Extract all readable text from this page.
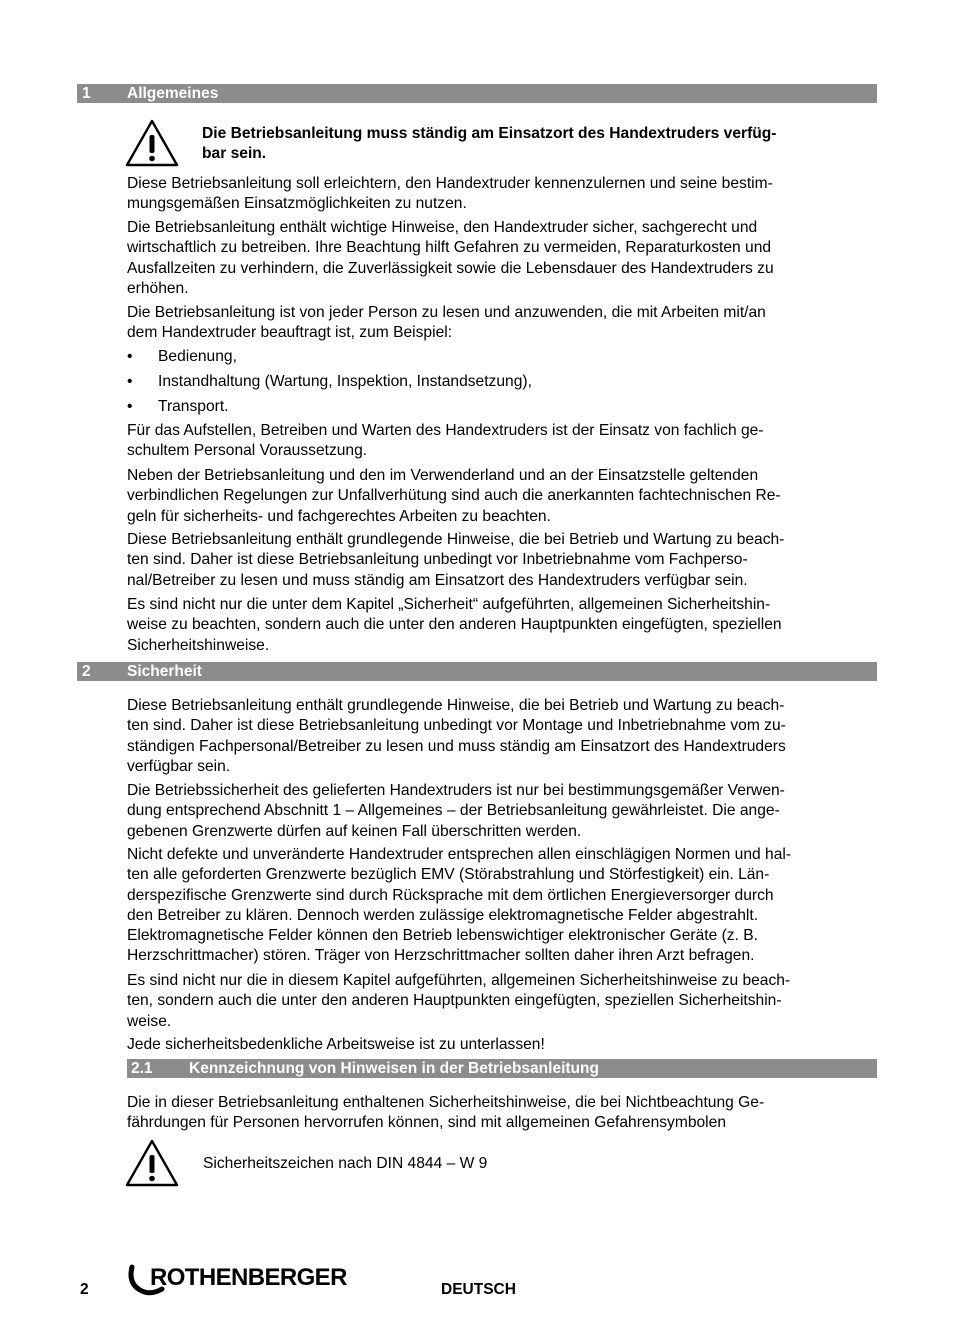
1 Allgemeines

Die Betriebsanleitung muss ständig am Einsatzort des Handextruders verfüg-

bar sein.

Diese Betriebsanleitung soll erleichtern, den Handextruder kennenzulernen und seine bestim-

mungsgemäßen Einsatzmöglichkeiten zu nutzen.

Die Betriebsanleitung enthält wichtige Hinweise, den Handextruder sicher, sachgerecht und

wirtschaftlich zu betreiben. Ihre Beachtung hilft Gefahren zu vermeiden, Reparaturkosten und

Ausfallzeiten zu verhindern, die Zuverlässigkeit sowie die Lebensdauer des Handextruders zu

erhöhen.

Die Betriebsanleitung ist von jeder Person zu lesen und anzuwenden, die mit Arbeiten mit/an

dem Handextruder beauftragt ist, zum Beispiel:

• Bedienung,
• Instandhaltung (Wartung, Inspektion, Instandsetzung),
• Transport.

Für das Aufstellen, Betreiben und Warten des Handextruders ist der Einsatz von fachlich ge-

schultem Personal Voraussetzung.

Neben der Betriebsanleitung und den im Verwenderland und an der Einsatzstelle geltenden

verbindlichen Regelungen zur Unfallverhütung sind auch die anerkannten fachtechnischen Re-

geln für sicherheits- und fachgerechtes Arbeiten zu beachten.

Diese Betriebsanleitung enthält grundlegende Hinweise, die bei Betrieb und Wartung zu beach-

ten sind. Daher ist diese Betriebsanleitung unbedingt vor Inbetriebnahme vom Fachperso-

nal/Betreiber zu lesen und muss ständig am Einsatzort des Handextruders verfügbar sein.

Es sind nicht nur die unter dem Kapitel „Sicherheit“ aufgeführten, allgemeinen Sicherheitshin-

weise zu beachten, sondern auch die unter den anderen Hauptpunkten eingefügten, speziellen

Sicherheitshinweise.

2 Sicherheit

Diese Betriebsanleitung enthält grundlegende Hinweise, die bei Betrieb und Wartung zu beach-

ten sind. Daher ist diese Betriebsanleitung unbedingt vor Montage und Inbetriebnahme vom zu-

ständigen Fachpersonal/Betreiber zu lesen und muss ständig am Einsatzort des Handextruders

verfügbar sein.

Die Betriebssicherheit des gelieferten Handextruders ist nur bei bestimmungsgemäßer Verwen-

dung entsprechend Abschnitt 1 – Allgemeines – der Betriebsanleitung gewährleistet. Die ange-

gebenen Grenzwerte dürfen auf keinen Fall überschritten werden.

Nicht defekte und unveränderte Handextruder entsprechen allen einschlägigen Normen und hal-

ten alle geforderten Grenzwerte bezüglich EMV (Störabstrahlung und Störfestigkeit) ein. Län-

derspezifische Grenzwerte sind durch Rücksprache mit dem örtlichen Energieversorger durch

den Betreiber zu klären. Dennoch werden zulässige elektromagnetische Felder abgestrahlt.

Elektromagnetische Felder können den Betrieb lebenswichtiger elektronischer Geräte (z. B.

Herzschrittmacher) stören. Träger von Herzschrittmacher sollten daher ihren Arzt befragen.

Es sind nicht nur die in diesem Kapitel aufgeführten, allgemeinen Sicherheitshinweise zu beach-

ten, sondern auch die unter den anderen Hauptpunkten eingefügten, speziellen Sicherheitshin-

weise.

Jede sicherheitsbedenkliche Arbeitsweise ist zu unterlassen!

2.1 Kennzeichnung von Hinweisen in der Betriebsanleitung

Die in dieser Betriebsanleitung enthaltenen Sicherheitshinweise, die bei Nichtbeachtung Ge-

fährdungen für Personen hervorrufen können, sind mit allgemeinen Gefahrensymbolen

Sicherheitszeichen nach DIN 4844 – W 9

2	ROTHENBERGER	DEUTSCH
